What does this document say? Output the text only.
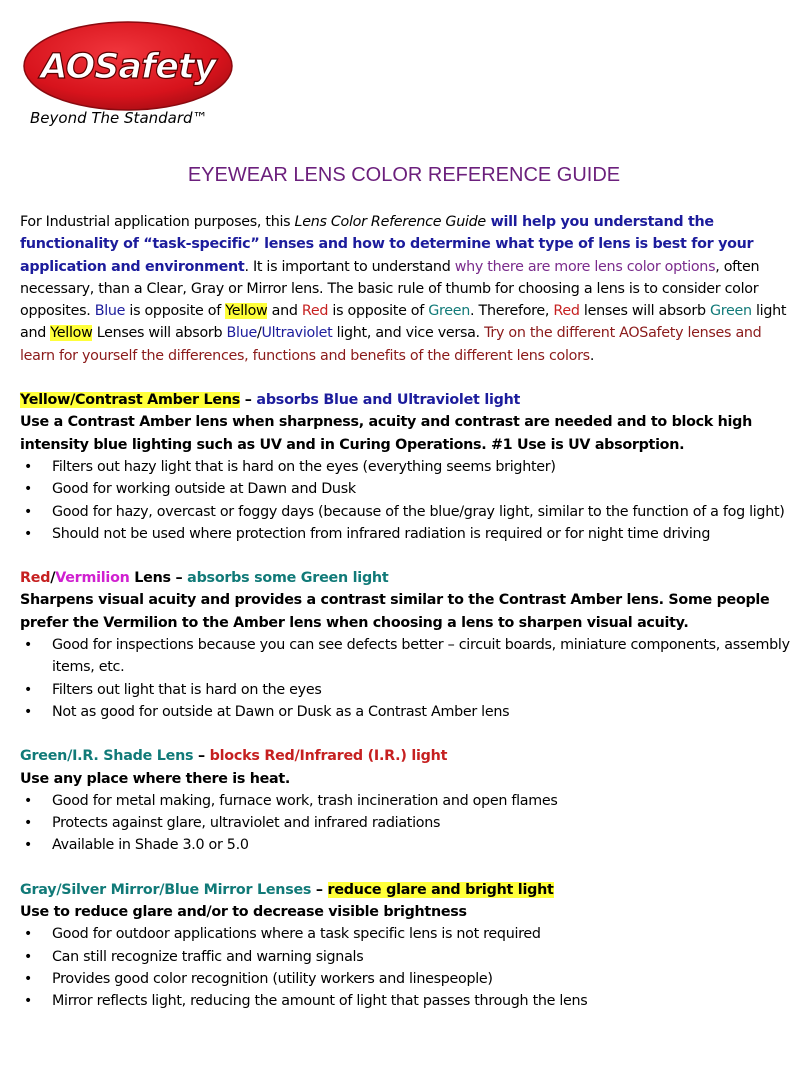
AOSafety
Beyond The Standard™
EYEWEAR LENS COLOR REFERENCE GUIDE

For Industrial application purposes, this Lens Color Reference Guide will help you understand the functionality of “task-specific” lenses and how to determine what type of lens is best for your application and environment. It is important to understand why there are more lens color options, often necessary, than a Clear, Gray or Mirror lens. The basic rule of thumb for choosing a lens is to consider color opposites. Blue is opposite of Yellow and Red is opposite of Green. Therefore, Red lenses will absorb Green light and Yellow Lenses will absorb Blue/Ultraviolet light, and vice versa. Try on the different AOSafety lenses and learn for yourself the differences, functions and benefits of the different lens colors.

Yellow/Contrast Amber Lens – absorbs Blue and Ultraviolet light

Use a Contrast Amber lens when sharpness, acuity and contrast are needed and to block high intensity blue lighting such as UV and in Curing Operations. #1 Use is UV absorption.

• Filters out hazy light that is hard on the eyes (everything seems brighter)
• Good for working outside at Dawn and Dusk
• Good for hazy, overcast or foggy days (because of the blue/gray light, similar to the function of a fog light)
• Should not be used where protection from infrared radiation is required or for night time driving

Red/Vermilion Lens – absorbs some Green light

Sharpens visual acuity and provides a contrast similar to the Contrast Amber lens. Some people prefer the Vermilion to the Amber lens when choosing a lens to sharpen visual acuity.

• Good for inspections because you can see defects better – circuit boards, miniature components, assembly items, etc.
• Filters out light that is hard on the eyes
• Not as good for outside at Dawn or Dusk as a Contrast Amber lens

Green/I.R. Shade Lens – blocks Red/Infrared (I.R.) light

Use any place where there is heat.

• Good for metal making, furnace work, trash incineration and open flames
• Protects against glare, ultraviolet and infrared radiations
• Available in Shade 3.0 or 5.0

Gray/Silver Mirror/Blue Mirror Lenses – reduce glare and bright light

Use to reduce glare and/or to decrease visible brightness

• Good for outdoor applications where a task specific lens is not required
• Can still recognize traffic and warning signals
• Provides good color recognition (utility workers and linespeople)
• Mirror reflects light, reducing the amount of light that passes through the lens
